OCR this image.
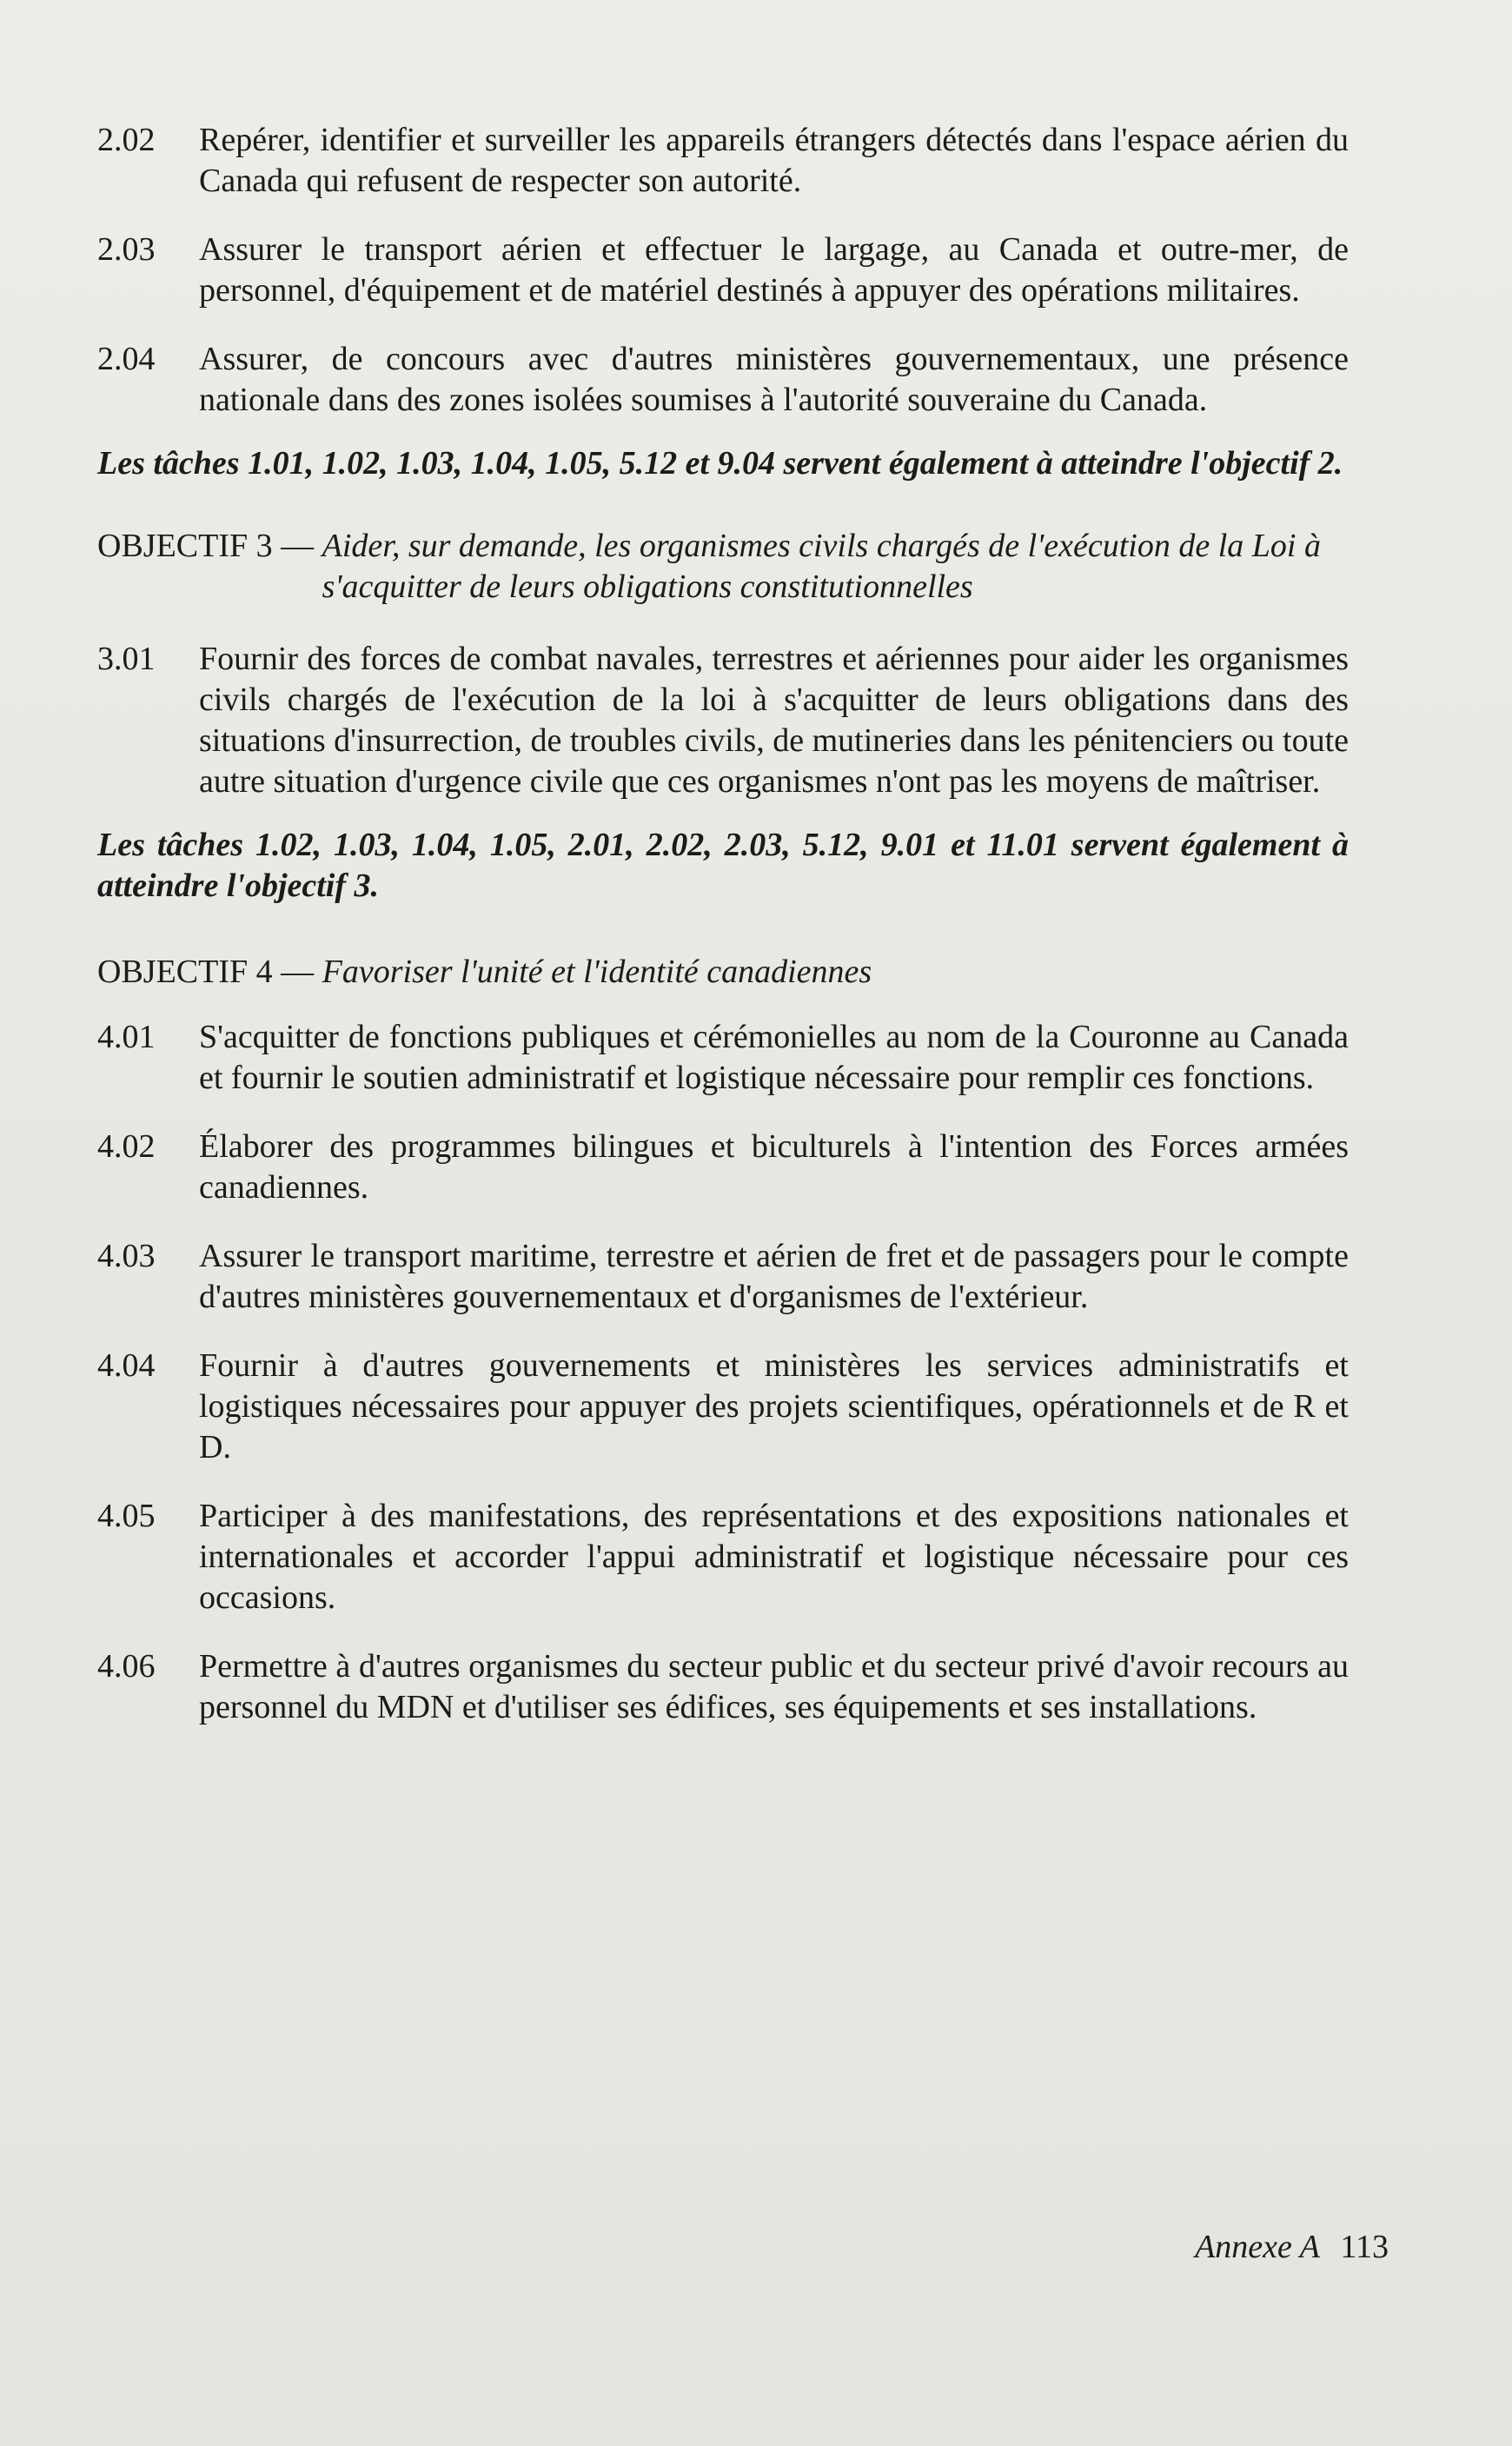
2.02	Repérer, identifier et surveiller les appareils étrangers détectés dans l'espace aérien du Canada qui refusent de respecter son autorité.
2.03	Assurer le transport aérien et effectuer le largage, au Canada et outre-mer, de personnel, d'équipement et de matériel destinés à appuyer des opérations militaires.
2.04	Assurer, de concours avec d'autres ministères gouvernementaux, une présence nationale dans des zones isolées soumises à l'autorité souveraine du Canada.
Les tâches 1.01, 1.02, 1.03, 1.04, 1.05, 5.12 et 9.04 servent également à atteindre l'objectif 2.
OBJECTIF 3 — Aider, sur demande, les organismes civils chargés de l'exécution de la Loi à s'acquitter de leurs obligations constitutionnelles
3.01	Fournir des forces de combat navales, terrestres et aériennes pour aider les organismes civils chargés de l'exécution de la loi à s'acquitter de leurs obligations dans des situations d'insurrection, de troubles civils, de mutineries dans les pénitenciers ou toute autre situation d'urgence civile que ces organismes n'ont pas les moyens de maîtriser.
Les tâches 1.02, 1.03, 1.04, 1.05, 2.01, 2.02, 2.03, 5.12, 9.01 et 11.01 servent également à atteindre l'objectif 3.
OBJECTIF 4 — Favoriser l'unité et l'identité canadiennes
4.01	S'acquitter de fonctions publiques et cérémonielles au nom de la Couronne au Canada et fournir le soutien administratif et logistique nécessaire pour remplir ces fonctions.
4.02	Élaborer des programmes bilingues et biculturels à l'intention des Forces armées canadiennes.
4.03	Assurer le transport maritime, terrestre et aérien de fret et de passagers pour le compte d'autres ministères gouvernementaux et d'organismes de l'extérieur.
4.04	Fournir à d'autres gouvernements et ministères les services administratifs et logistiques nécessaires pour appuyer des projets scientifiques, opérationnels et de R et D.
4.05	Participer à des manifestations, des représentations et des expositions nationales et internationales et accorder l'appui administratif et logistique nécessaire pour ces occasions.
4.06	Permettre à d'autres organismes du secteur public et du secteur privé d'avoir recours au personnel du MDN et d'utiliser ses édifices, ses équipements et ses installations.
Annexe A 113
